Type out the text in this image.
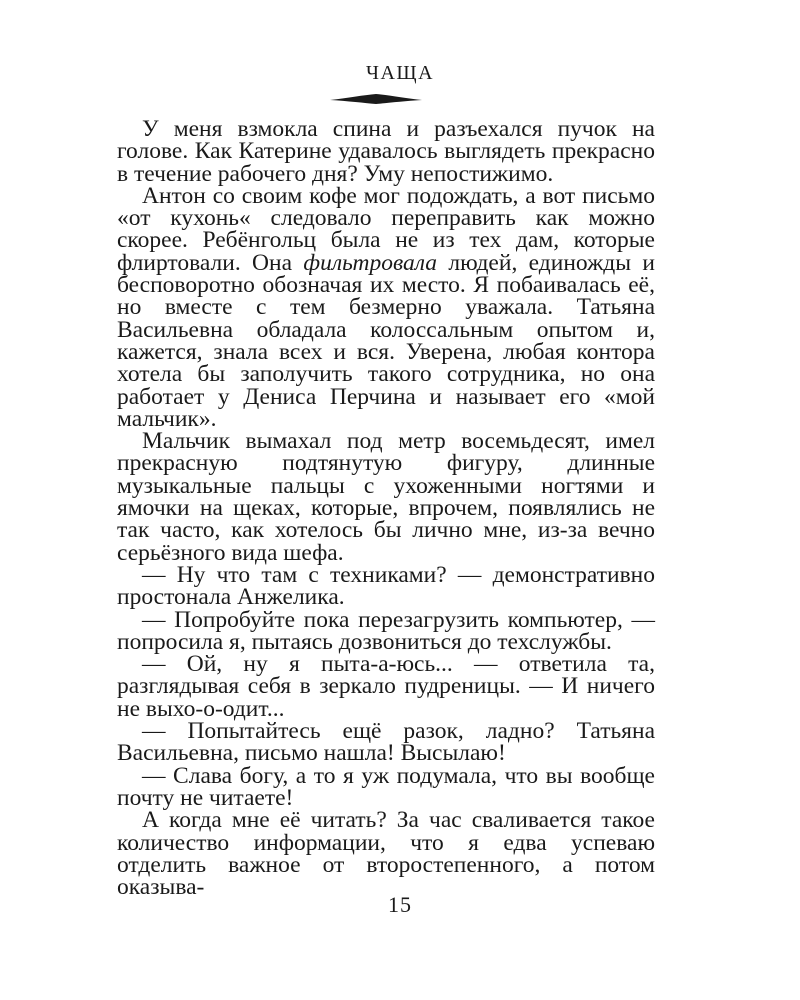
ЧАЩА

У меня взмокла спина и разъехался пучок на голове. Как Катерине удавалось выглядеть прекрасно в течение рабочего дня? Уму непостижимо.

Антон со своим кофе мог подождать, а вот письмо «от кухонь« следовало переправить как можно скорее. Ребёнгольц была не из тех дам, которые флиртовали. Она фильтровала людей, единожды и бесповоротно обозначая их место. Я побаивалась её, но вместе с тем безмерно уважала. Татьяна Васильевна обладала колоссальным опытом и, кажется, знала всех и вся. Уверена, любая контора хотела бы заполучить такого сотрудника, но она работает у Дениса Перчина и называет его «мой мальчик».

Мальчик вымахал под метр восемьдесят, имел прекрасную подтянутую фигуру, длинные музыкальные пальцы с ухоженными ногтями и ямочки на щеках, которые, впрочем, появлялись не так часто, как хотелось бы лично мне, из-за вечно серьёзного вида шефа.

— Ну что там с техниками? — демонстративно простонала Анжелика.

— Попробуйте пока перезагрузить компьютер, — попросила я, пытаясь дозвониться до техслужбы.

— Ой, ну я пыта-а-юсь... — ответила та, разглядывая себя в зеркало пудреницы. — И ничего не выхо-о-одит...

— Попытайтесь ещё разок, ладно? Татьяна Васильевна, письмо нашла! Высылаю!

— Слава богу, а то я уж подумала, что вы вообще почту не читаете!

А когда мне её читать? За час сваливается такое количество информации, что я едва успеваю отделить важное от второстепенного, а потом оказыва-

15
